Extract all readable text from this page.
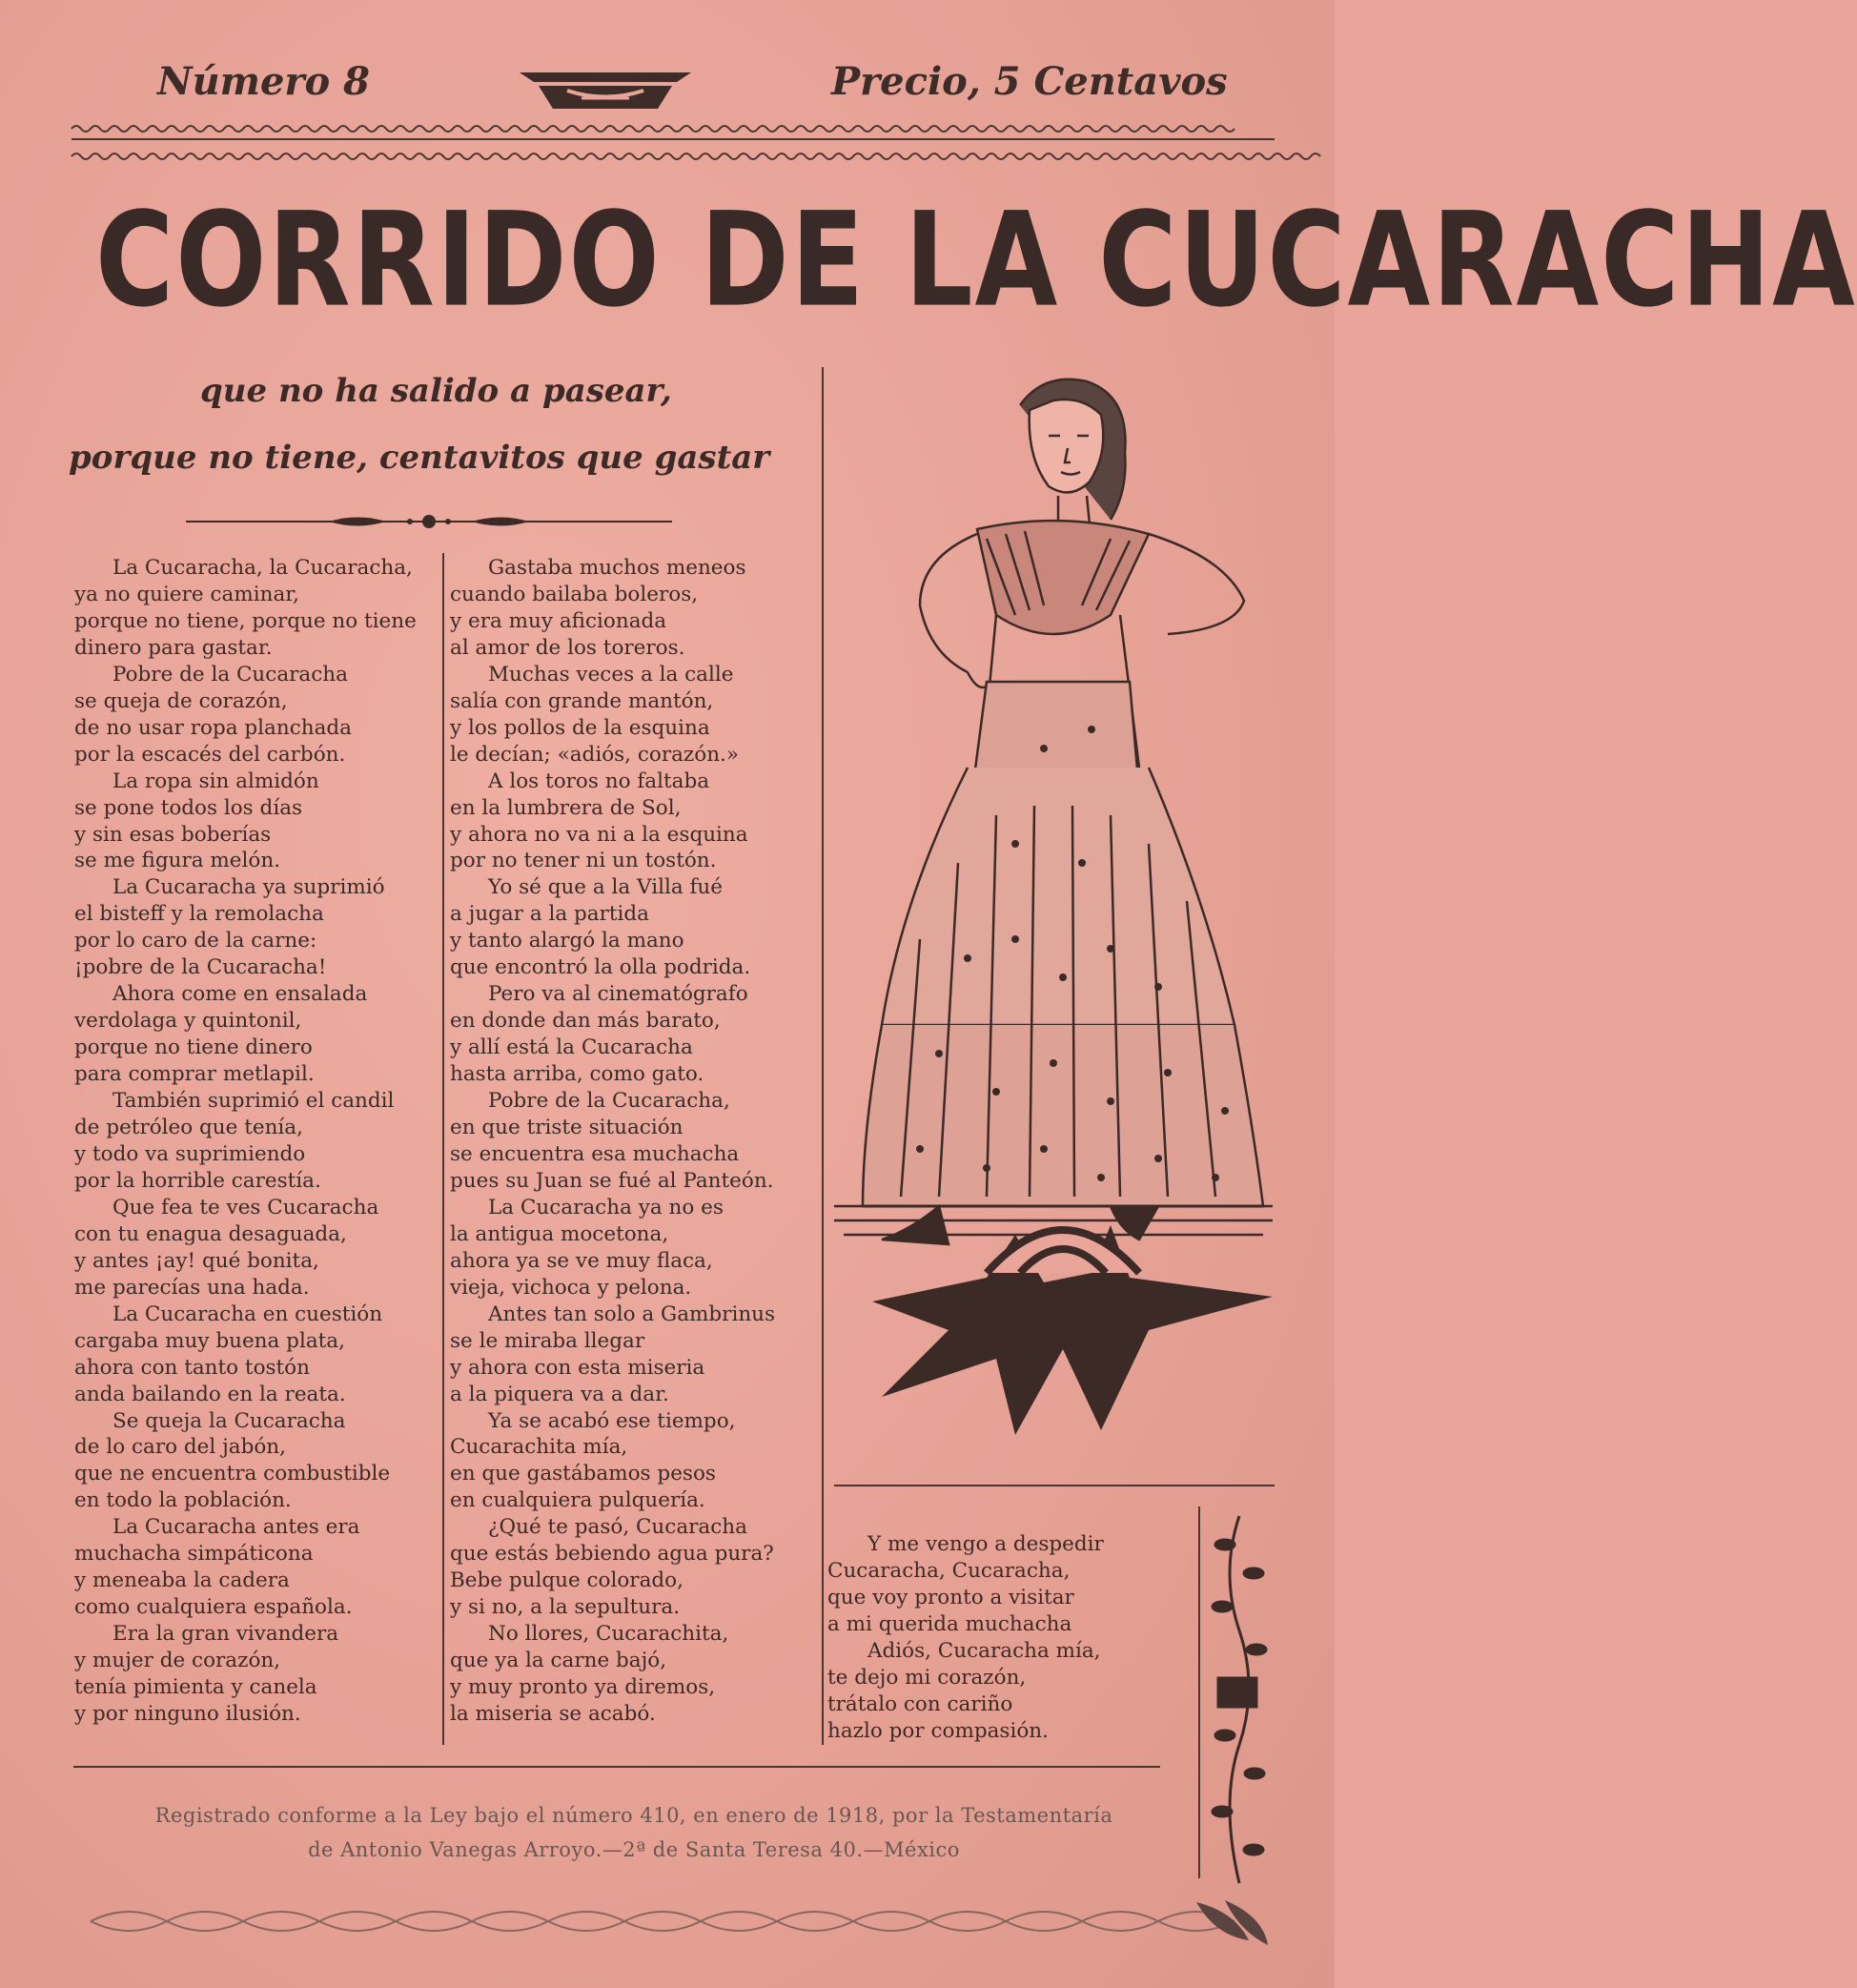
Número 8	Precio, 5 Centavos
CORRIDO DE LA CUCARACHA
que no ha salido a pasear,
porque no tiene, centavitos que gastar
La Cucaracha, la Cucaracha,
ya no quiere caminar,
porque no tiene, porque no tiene
dinero para gastar.
Pobre de la Cucaracha
se queja de corazón,
de no usar ropa planchada
por la escacés del carbón.
La ropa sin almidón
se pone todos los días
y sin esas boberías
se me figura melón.
La Cucaracha ya suprimió
el bisteff y la remolacha
por lo caro de la carne:
¡pobre de la Cucaracha!
Ahora come en ensalada
verdolaga y quintonil,
porque no tiene dinero
para comprar metlapil.
También suprimió el candil
de petróleo que tenía,
y todo va suprimiendo
por la horrible carestía.
Que fea te ves Cucaracha
con tu enagua desaguada,
y antes ¡ay! qué bonita,
me parecías una hada.
La Cucaracha en cuestión
cargaba muy buena plata,
ahora con tanto tostón
anda bailando en la reata.
Se queja la Cucaracha
de lo caro del jabón,
que ne encuentra combustible
en todo la población.
La Cucaracha antes era
muchacha simpáticona
y meneaba la cadera
como cualquiera española.
Era la gran vivandera
y mujer de corazón,
tenía pimienta y canela
y por ninguno ilusión.
Gastaba muchos meneos
cuando bailaba boleros,
y era muy aficionada
al amor de los toreros.
Muchas veces a la calle
salía con grande mantón,
y los pollos de la esquina
le decían; «adiós, corazón.»
A los toros no faltaba
en la lumbrera de Sol,
y ahora no va ni a la esquina
por no tener ni un tostón.
Yo sé que a la Villa fué
a jugar a la partida
y tanto alargó la mano
que encontró la olla podrida.
Pero va al cinematógrafo
en donde dan más barato,
y allí está la Cucaracha
hasta arriba, como gato.
Pobre de la Cucaracha,
en que triste situación
se encuentra esa muchacha
pues su Juan se fué al Panteón.
La Cucaracha ya no es
la antigua mocetona,
ahora ya se ve muy flaca,
vieja, vichoca y pelona.
Antes tan solo a Gambrinus
se le miraba llegar
y ahora con esta miseria
a la piquera va a dar.
Ya se acabó ese tiempo,
Cucarachita mía,
en que gastábamos pesos
en cualquiera pulquería.
¿Qué te pasó, Cucaracha
que estás bebiendo agua pura?
Bebe pulque colorado,
y si no, a la sepultura.
No llores, Cucarachita,
que ya la carne bajó,
y muy pronto ya diremos,
la miseria se acabó.
Y me vengo a despedir
Cucaracha, Cucaracha,
que voy pronto a visitar
a mi querida muchacha
Adiós, Cucaracha mía,
te dejo mi corazón,
trátalo con cariño
hazlo por compasión.
Registrado conforme a la Ley bajo el número 410, en enero de 1918, por la Testamentaría
de Antonio Vanegas Arroyo.—2ª de Santa Teresa 40.—México
